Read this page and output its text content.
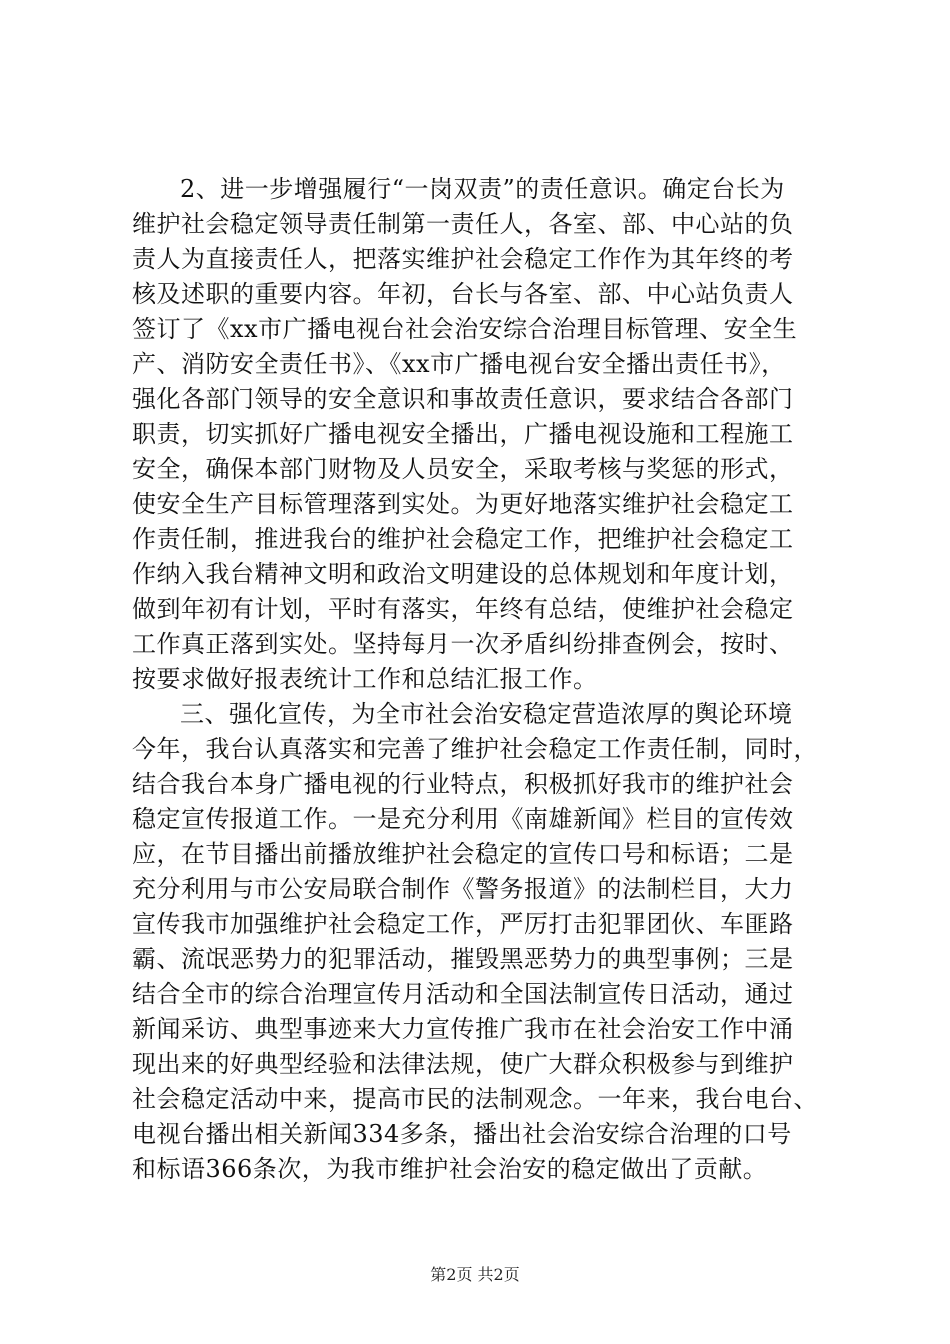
2、进一步增强履行“一岗双责”的责任意识。确定台长为
维护社会稳定领导责任制第一责任人，各室、部、中心站的负
责人为直接责任人，把落实维护社会稳定工作作为其年终的考
核及述职的重要内容。年初，台长与各室、部、中心站负责人
签订了《xx市广播电视台社会治安综合治理目标管理、安全生
产、消防安全责任书》、《xx市广播电视台安全播出责任书》，
强化各部门领导的安全意识和事故责任意识，要求结合各部门
职责，切实抓好广播电视安全播出，广播电视设施和工程施工
安全，确保本部门财物及人员安全，采取考核与奖惩的形式，
使安全生产目标管理落到实处。为更好地落实维护社会稳定工
作责任制，推进我台的维护社会稳定工作，把维护社会稳定工
作纳入我台精神文明和政治文明建设的总体规划和年度计划，
做到年初有计划，平时有落实，年终有总结，使维护社会稳定
工作真正落到实处。坚持每月一次矛盾纠纷排查例会，按时、
按要求做好报表统计工作和总结汇报工作。
三、强化宣传，为全市社会治安稳定营造浓厚的舆论环境
今年，我台认真落实和完善了维护社会稳定工作责任制，同时，
结合我台本身广播电视的行业特点，积极抓好我市的维护社会
稳定宣传报道工作。一是充分利用《南雄新闻》栏目的宣传效
应，在节目播出前播放维护社会稳定的宣传口号和标语；二是
充分利用与市公安局联合制作《警务报道》的法制栏目，大力
宣传我市加强维护社会稳定工作，严厉打击犯罪团伙、车匪路
霸、流氓恶势力的犯罪活动，摧毁黑恶势力的典型事例；三是
结合全市的综合治理宣传月活动和全国法制宣传日活动，通过
新闻采访、典型事迹来大力宣传推广我市在社会治安工作中涌
现出来的好典型经验和法律法规，使广大群众积极参与到维护
社会稳定活动中来，提高市民的法制观念。一年来，我台电台、
电视台播出相关新闻334多条，播出社会治安综合治理的口号
和标语366条次，为我市维护社会治安的稳定做出了贡献。
第2页 共2页
